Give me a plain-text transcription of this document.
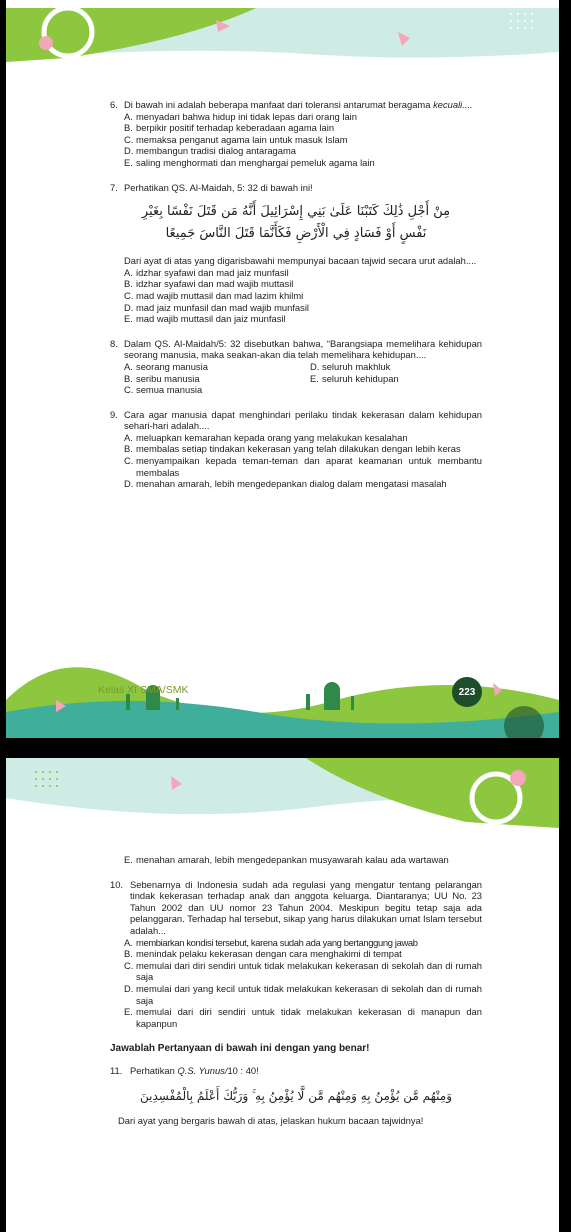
6. Di bawah ini adalah beberapa manfaat dari toleransi antarumat beragama kecuali....
A. menyadari bahwa hidup ini tidak lepas dari orang lain
B. berpikir positif terhadap keberadaan agama lain
C. memaksa penganut agama lain untuk masuk Islam
D. membangun tradisi dialog antaragama
E. saling menghormati dan menghargai pemeluk agama lain
7. Perhatikan QS. Al-Maidah, 5: 32 di bawah ini!
مِنْ أَجْلِ ذَٰلِكَ كَتَبْنَا عَلَىٰ بَنِي إِسْرَائِيلَ أَنَّهُ مَن قَتَلَ نَفْسًا بِغَيْرِ
نَفْسٍ أَوْ فَسَادٍ فِي الْأَرْضِ فَكَأَنَّمَا قَتَلَ النَّاسَ جَمِيعًا
Dari ayat di atas yang digarisbawahi mempunyai bacaan tajwid secara urut adalah....
A. idzhar syafawi dan mad jaiz munfasil
B. idzhar syafawi dan mad wajib muttasil
C. mad wajib muttasil dan mad lazim khilmi
D. mad jaiz munfasil dan mad wajib munfasil
E. mad wajib muttasil dan jaiz munfasil
8. Dalam QS. Al-Maidah/5: 32 disebutkan bahwa, “Barangsiapa memelihara kehidupan seorang manusia, maka seakan-akan dia telah memelihara kehidupan....
A. seorang manusia	D. seluruh makhluk
B. seribu manusia	E. seluruh kehidupan
C. semua manusia
9. Cara agar manusia dapat menghindari perilaku tindak kekerasan dalam kehidupan sehari-hari adalah....
A. meluapkan kemarahan kepada orang yang melakukan kesalahan
B. membalas setiap tindakan kekerasan yang telah dilakukan dengan lebih keras
C. menyampaikan kepada teman-teman dan aparat keamanan untuk membantu membalas
D. menahan amarah, lebih mengedepankan dialog dalam mengatasi masalah
Kelas XI SMA/SMK	223
E. menahan amarah, lebih mengedepankan musyawarah kalau ada wartawan
10. Sebenarnya di Indonesia sudah ada regulasi yang mengatur tentang pelarangan tindak kekerasan terhadap anak dan anggota keluarga. Diantaranya; UU No. 23 Tahun 2002 dan UU nomor 23 Tahun 2004. Meskipun begitu tetap saja ada pelanggaran. Terhadap hal tersebut, sikap yang harus dilakukan umat Islam tersebut adalah...
A. membiarkan kondisi tersebut, karena sudah ada yang bertanggung jawab
B. menindak pelaku kekerasan dengan cara menghakimi di tempat
C. memulai dari diri sendiri untuk tidak melakukan kekerasan di sekolah dan di rumah saja
D. memulai dari yang kecil untuk tidak melakukan kekerasan di sekolah dan di rumah saja
E. memulai dari diri sendiri untuk tidak melakukan kekerasan di manapun dan kapanpun
Jawablah Pertanyaan di bawah ini dengan yang benar!
11. Perhatikan Q.S. Yunus/10 : 40!
وَمِنْهُم مَّن يُؤْمِنُ بِهِ وَمِنْهُم مَّن لَّا يُؤْمِنُ بِهِ ۚ وَرَبُّكَ أَعْلَمُ بِالْمُفْسِدِينَ
Dari ayat yang bergaris bawah di atas, jelaskan hukum bacaan tajwidnya!
